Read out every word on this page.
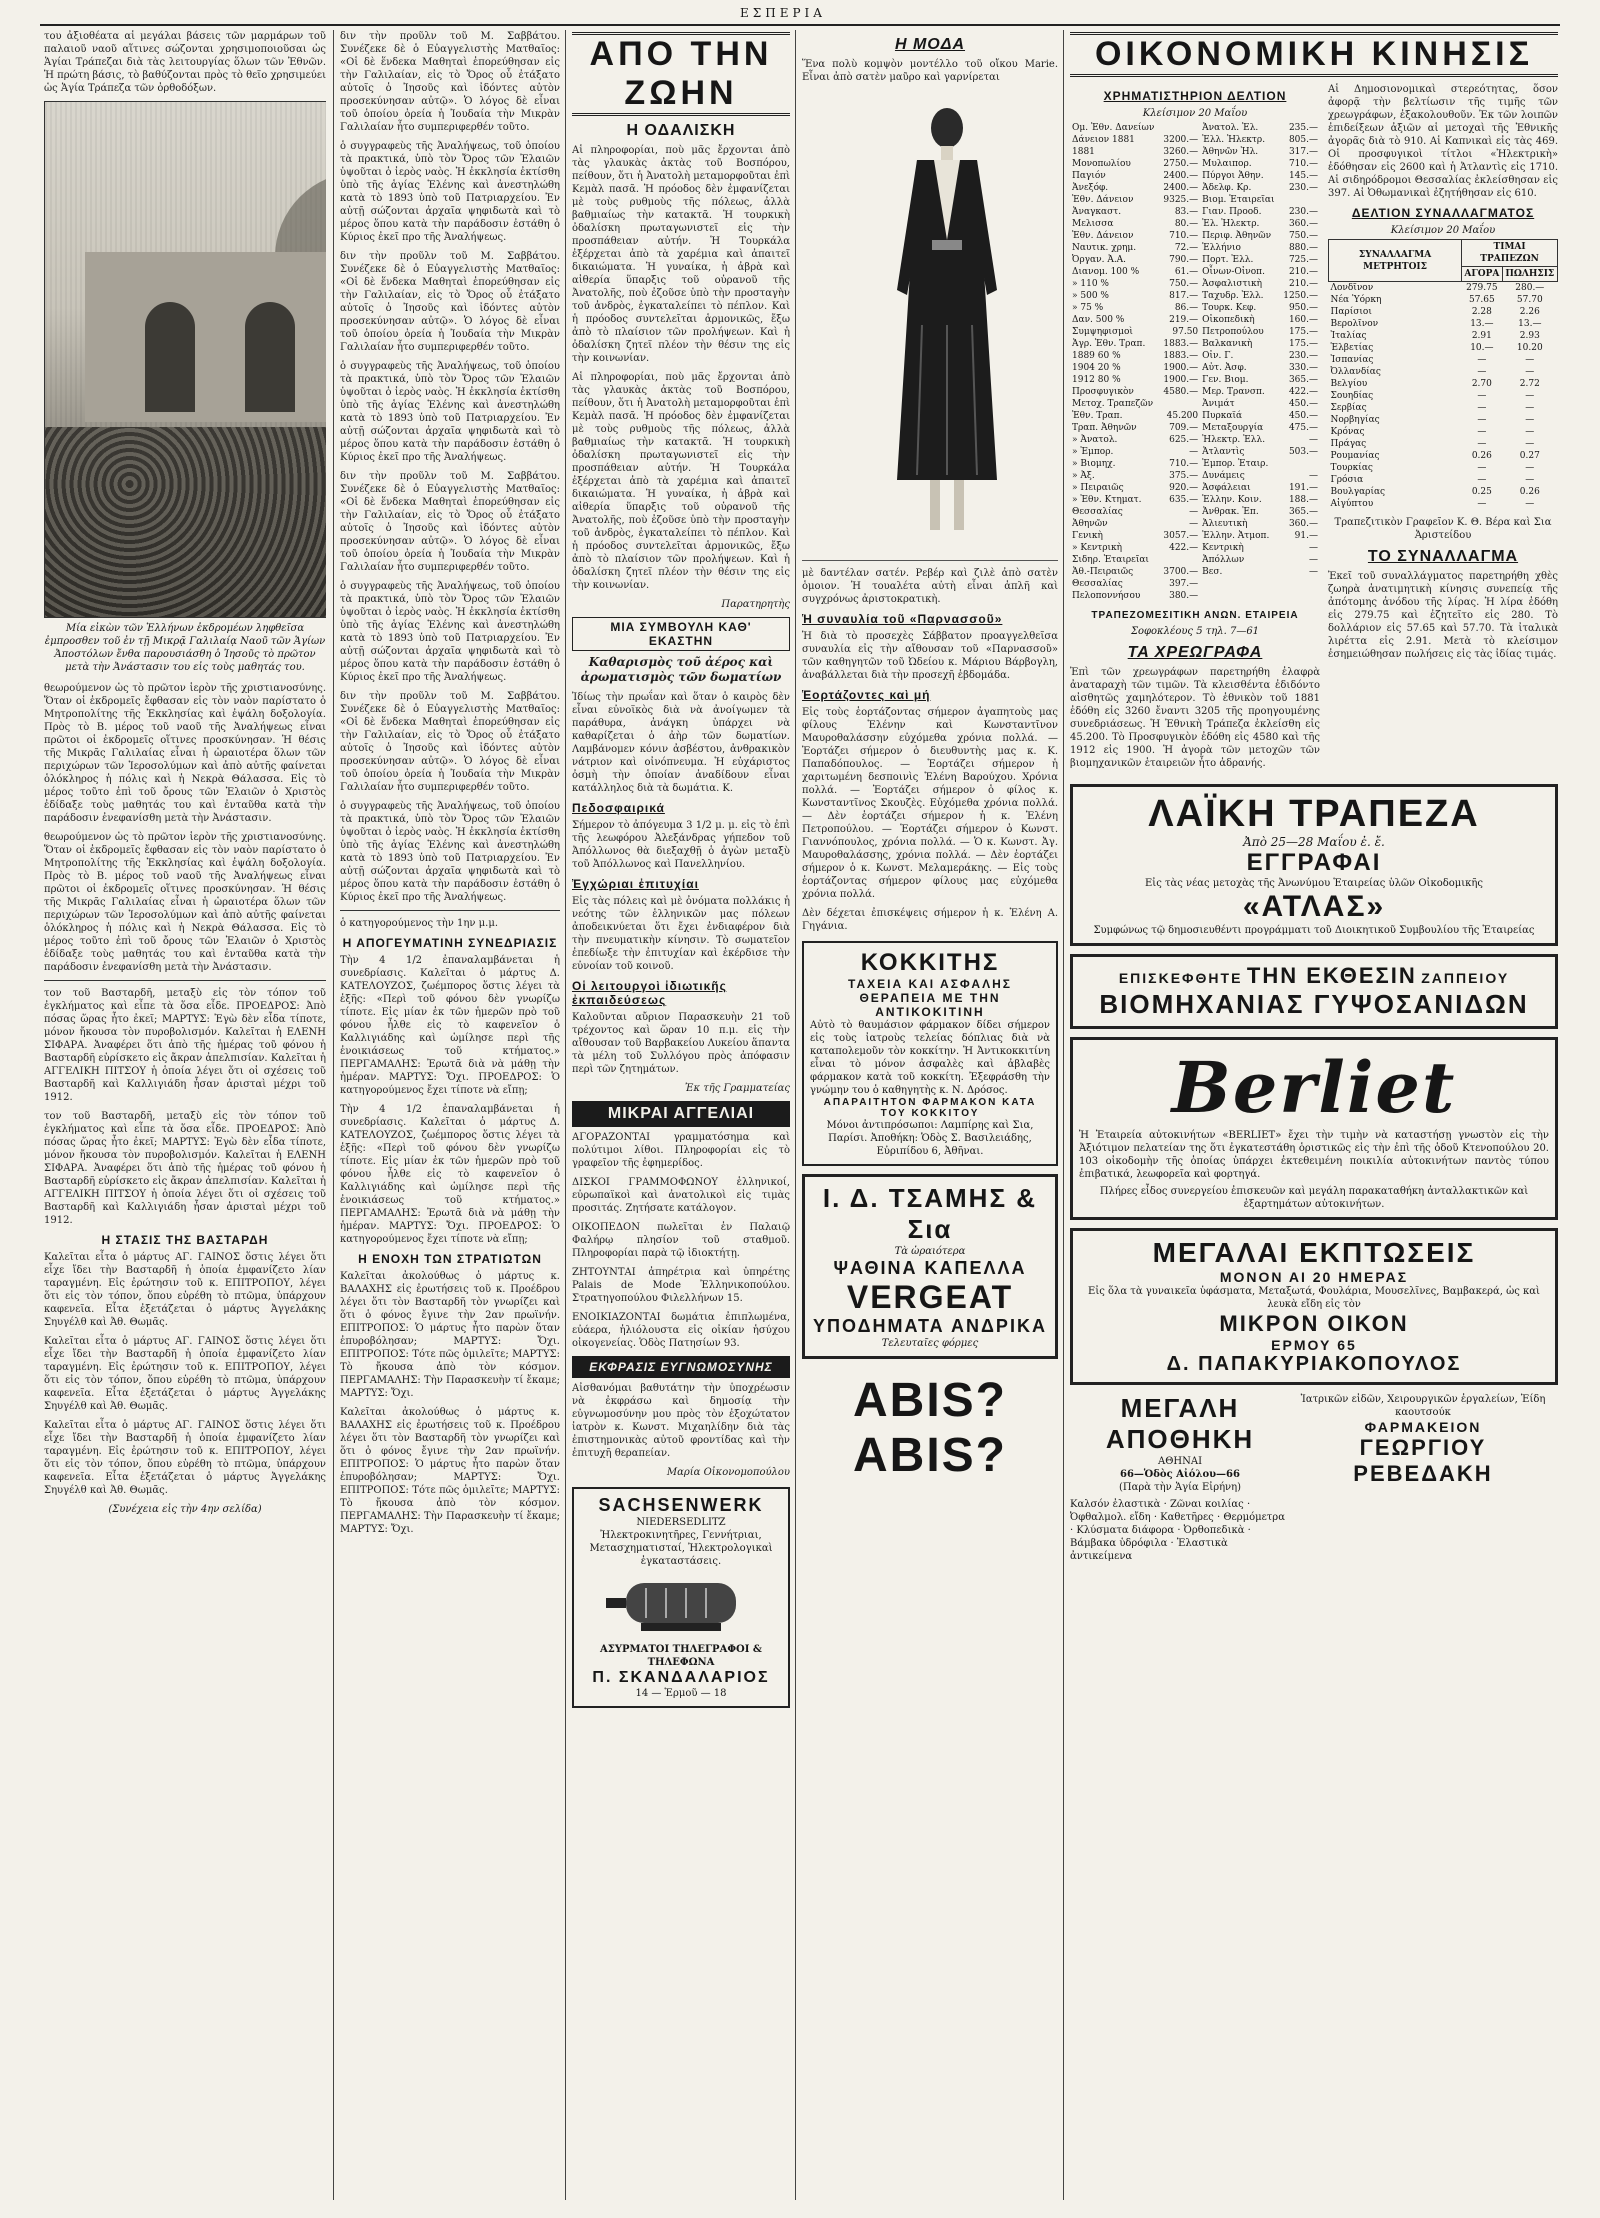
ΕΣΠΕΡΙΑ

του ἀξιοθέατα αἱ μεγάλαι βάσεις τῶν μαρμάρων τοῦ παλαιοῦ ναοῦ αἵτινες σώζονται χρησιμοποιοῦσαι ὡς Ἁγίαι Τράπεζαι διὰ τὰς λειτουργίας ὅλων τῶν Ἐθνῶν. Ἡ πρώτη βάσις, τὸ βαθύζονται πρὸς τὸ θεῖο χρησιμεύει ὡς Ἁγία Τράπεζα τῶν ὀρθοδόξων.

Μία εἰκὼν τῶν Ἑλλήνων ἐκδρομέων ληφθεῖσα ἐμπροσθεν τοῦ ἐν τῇ Μικρᾷ Γαλιλαίᾳ Ναοῦ τῶν Ἁγίων Ἀποστόλων ἔνθα παρουσιάσθη ὁ Ἰησοῦς τὸ πρῶτον μετὰ τὴν Ἀνάστασιν του εἰς τοὺς μαθητάς του.

θεωρούμενον ὡς τὸ πρῶτον ἱερὸν τῆς χριστιανοσύνης. Ὅταν οἱ ἐκδρομεῖς ἔφθασαν εἰς τὸν ναὸν παρίστατο ὁ Μητροπολίτης τῆς Ἐκκλησίας καὶ ἐψάλη δοξολογία. Πρὸς τὸ Β. μέρος τοῦ ναοῦ τῆς Ἀναλήψεως εἶναι πρῶτοι οἱ ἐκδρομεῖς οἵτινες προσκύνησαν. Ἡ θέσις τῆς Μικρᾶς Γαλιλαίας εἶναι ἡ ὡραιοτέρα ὅλων τῶν περιχώρων τῶν Ἱεροσολύμων καὶ ἀπὸ αὐτῆς φαίνεται ὁλόκληρος ἡ πόλις καὶ ἡ Νεκρὰ Θάλασσα. Εἰς τὸ μέρος τοῦτο ἐπὶ τοῦ ὄρους τῶν Ἐλαιῶν ὁ Χριστὸς ἐδίδαξε τοὺς μαθητάς του καὶ ἐνταῦθα κατὰ τὴν παράδοσιν ἐνεφανίσθη μετὰ τὴν Ἀνάστασιν.

θεωρούμενον ὡς τὸ πρῶτον ἱερὸν τῆς χριστιανοσύνης. Ὅταν οἱ ἐκδρομεῖς ἔφθασαν εἰς τὸν ναὸν παρίστατο ὁ Μητροπολίτης τῆς Ἐκκλησίας καὶ ἐψάλη δοξολογία. Πρὸς τὸ Β. μέρος τοῦ ναοῦ τῆς Ἀναλήψεως εἶναι πρῶτοι οἱ ἐκδρομεῖς οἵτινες προσκύνησαν. Ἡ θέσις τῆς Μικρᾶς Γαλιλαίας εἶναι ἡ ὡραιοτέρα ὅλων τῶν περιχώρων τῶν Ἱεροσολύμων καὶ ἀπὸ αὐτῆς φαίνεται ὁλόκληρος ἡ πόλις καὶ ἡ Νεκρὰ Θάλασσα. Εἰς τὸ μέρος τοῦτο ἐπὶ τοῦ ὄρους τῶν Ἐλαιῶν ὁ Χριστὸς ἐδίδαξε τοὺς μαθητάς του καὶ ἐνταῦθα κατὰ τὴν παράδοσιν ἐνεφανίσθη μετὰ τὴν Ἀνάστασιν.

τον τοῦ Βασταρδῆ, μεταξὺ εἰς τὸν τόπον τοῦ ἐγκλήματος καὶ εἶπε τὰ ὅσα εἶδε. ΠΡΟΕΔΡΟΣ: Ἀπὸ πόσας ὥρας ἦτο ἐκεῖ; ΜΑΡΤΥΣ: Ἐγὼ δὲν εἶδα τίποτε, μόνον ἤκουσα τὸν πυροβολισμόν. Καλεῖται ἡ ΕΛΕΝΗ ΣΙΦΑΡΑ. Ἀναφέρει ὅτι ἀπὸ τῆς ἡμέρας τοῦ φόνου ἡ Βασταρδῆ εὑρίσκετο εἰς ἄκραν ἀπελπισίαν. Καλεῖται ἡ ΑΓΓΕΛΙΚΗ ΠΙΤΣΟΥ ἡ ὁποία λέγει ὅτι οἱ σχέσεις τοῦ Βασταρδῆ καὶ Καλλιγιάδη ἦσαν ἀρισταὶ μέχρι τοῦ 1912.

τον τοῦ Βασταρδῆ, μεταξὺ εἰς τὸν τόπον τοῦ ἐγκλήματος καὶ εἶπε τὰ ὅσα εἶδε. ΠΡΟΕΔΡΟΣ: Ἀπὸ πόσας ὥρας ἦτο ἐκεῖ; ΜΑΡΤΥΣ: Ἐγὼ δὲν εἶδα τίποτε, μόνον ἤκουσα τὸν πυροβολισμόν. Καλεῖται ἡ ΕΛΕΝΗ ΣΙΦΑΡΑ. Ἀναφέρει ὅτι ἀπὸ τῆς ἡμέρας τοῦ φόνου ἡ Βασταρδῆ εὑρίσκετο εἰς ἄκραν ἀπελπισίαν. Καλεῖται ἡ ΑΓΓΕΛΙΚΗ ΠΙΤΣΟΥ ἡ ὁποία λέγει ὅτι οἱ σχέσεις τοῦ Βασταρδῆ καὶ Καλλιγιάδη ἦσαν ἀρισταὶ μέχρι τοῦ 1912.

Η ΣΤΑΣΙΣ ΤΗΣ ΒΑΣΤΑΡΔΗ

Καλεῖται εἶτα ὁ μάρτυς ΑΓ. ΓΑΙΝΟΣ ὅστις λέγει ὅτι εἶχε ἴδει τὴν Βασταρδῆ ἡ ὁποία ἐμφανίζετο λίαν ταραγμένη. Εἰς ἐρώτησιν τοῦ κ. ΕΠΙΤΡΟΠΟΥ, λέγει ὅτι εἰς τὸν τόπον, ὅπου εὑρέθη τὸ πτῶμα, ὑπάρχουν καφενεῖα. Εἶτα ἐξετάζεται ὁ μάρτυς Ἀγγελάκης Σηυγέλθ καὶ Ἀθ. Θωμᾶς.

Καλεῖται εἶτα ὁ μάρτυς ΑΓ. ΓΑΙΝΟΣ ὅστις λέγει ὅτι εἶχε ἴδει τὴν Βασταρδῆ ἡ ὁποία ἐμφανίζετο λίαν ταραγμένη. Εἰς ἐρώτησιν τοῦ κ. ΕΠΙΤΡΟΠΟΥ, λέγει ὅτι εἰς τὸν τόπον, ὅπου εὑρέθη τὸ πτῶμα, ὑπάρχουν καφενεῖα. Εἶτα ἐξετάζεται ὁ μάρτυς Ἀγγελάκης Σηυγέλθ καὶ Ἀθ. Θωμᾶς.

Καλεῖται εἶτα ὁ μάρτυς ΑΓ. ΓΑΙΝΟΣ ὅστις λέγει ὅτι εἶχε ἴδει τὴν Βασταρδῆ ἡ ὁποία ἐμφανίζετο λίαν ταραγμένη. Εἰς ἐρώτησιν τοῦ κ. ΕΠΙΤΡΟΠΟΥ, λέγει ὅτι εἰς τὸν τόπον, ὅπου εὑρέθη τὸ πτῶμα, ὑπάρχουν καφενεῖα. Εἶτα ἐξετάζεται ὁ μάρτυς Ἀγγελάκης Σηυγέλθ καὶ Ἀθ. Θωμᾶς.

(Συνέχεια εἰς τὴν 4ην σελίδα)

διν τὴν προῦλν τοῦ Μ. Σαββάτου. Συνέζεκε δὲ ὁ Εὐαγγελιστὴς Ματθαῖος: «Οἱ δὲ ἕνδεκα Μαθηταὶ ἐπορεύθησαν εἰς τὴν Γαλιλαίαν, εἰς τὸ Ὄρος οὗ ἐτάξατο αὐτοῖς ὁ Ἰησοῦς καὶ ἰδόντες αὐτὸν προσεκύνησαν αὐτῷ». Ὁ λόγος δὲ εἶναι τοῦ ὁποίου ὀρεία ἡ Ἰουδαία τὴν Μικρὰν Γαλιλαίαν ἦτο συμπεριφερθέν τοῦτο.

ὁ συγγραφεὺς τῆς Ἀναλήψεως, τοῦ ὁποίου τὰ πρακτικά, ὑπὸ τὸν Ὄρος τῶν Ἐλαιῶν ὑψοῦται ὁ ἱερὸς ναὸς. Ἡ ἐκκλησία ἐκτίσθη ὑπὸ τῆς ἁγίας Ἑλένης καὶ ἀνεστηλώθη κατὰ τὸ 1893 ὑπὸ τοῦ Πατριαρχείου. Ἐν αὐτῇ σώζονται ἀρχαῖα ψηφιδωτὰ καὶ τὸ μέρος ὅπου κατὰ τὴν παράδοσιν ἐστάθη ὁ Κύριος ἐκεῖ προ τῆς Ἀναλήψεως.

διν τὴν προῦλν τοῦ Μ. Σαββάτου. Συνέζεκε δὲ ὁ Εὐαγγελιστὴς Ματθαῖος: «Οἱ δὲ ἕνδεκα Μαθηταὶ ἐπορεύθησαν εἰς τὴν Γαλιλαίαν, εἰς τὸ Ὄρος οὗ ἐτάξατο αὐτοῖς ὁ Ἰησοῦς καὶ ἰδόντες αὐτὸν προσεκύνησαν αὐτῷ». Ὁ λόγος δὲ εἶναι τοῦ ὁποίου ὀρεία ἡ Ἰουδαία τὴν Μικρὰν Γαλιλαίαν ἦτο συμπεριφερθέν τοῦτο.

ὁ συγγραφεὺς τῆς Ἀναλήψεως, τοῦ ὁποίου τὰ πρακτικά, ὑπὸ τὸν Ὄρος τῶν Ἐλαιῶν ὑψοῦται ὁ ἱερὸς ναὸς. Ἡ ἐκκλησία ἐκτίσθη ὑπὸ τῆς ἁγίας Ἑλένης καὶ ἀνεστηλώθη κατὰ τὸ 1893 ὑπὸ τοῦ Πατριαρχείου. Ἐν αὐτῇ σώζονται ἀρχαῖα ψηφιδωτὰ καὶ τὸ μέρος ὅπου κατὰ τὴν παράδοσιν ἐστάθη ὁ Κύριος ἐκεῖ προ τῆς Ἀναλήψεως.

διν τὴν προῦλν τοῦ Μ. Σαββάτου. Συνέζεκε δὲ ὁ Εὐαγγελιστὴς Ματθαῖος: «Οἱ δὲ ἕνδεκα Μαθηταὶ ἐπορεύθησαν εἰς τὴν Γαλιλαίαν, εἰς τὸ Ὄρος οὗ ἐτάξατο αὐτοῖς ὁ Ἰησοῦς καὶ ἰδόντες αὐτὸν προσεκύνησαν αὐτῷ». Ὁ λόγος δὲ εἶναι τοῦ ὁποίου ὀρεία ἡ Ἰουδαία τὴν Μικρὰν Γαλιλαίαν ἦτο συμπεριφερθέν τοῦτο.

ὁ συγγραφεὺς τῆς Ἀναλήψεως, τοῦ ὁποίου τὰ πρακτικά, ὑπὸ τὸν Ὄρος τῶν Ἐλαιῶν ὑψοῦται ὁ ἱερὸς ναὸς. Ἡ ἐκκλησία ἐκτίσθη ὑπὸ τῆς ἁγίας Ἑλένης καὶ ἀνεστηλώθη κατὰ τὸ 1893 ὑπὸ τοῦ Πατριαρχείου. Ἐν αὐτῇ σώζονται ἀρχαῖα ψηφιδωτὰ καὶ τὸ μέρος ὅπου κατὰ τὴν παράδοσιν ἐστάθη ὁ Κύριος ἐκεῖ προ τῆς Ἀναλήψεως.

διν τὴν προῦλν τοῦ Μ. Σαββάτου. Συνέζεκε δὲ ὁ Εὐαγγελιστὴς Ματθαῖος: «Οἱ δὲ ἕνδεκα Μαθηταὶ ἐπορεύθησαν εἰς τὴν Γαλιλαίαν, εἰς τὸ Ὄρος οὗ ἐτάξατο αὐτοῖς ὁ Ἰησοῦς καὶ ἰδόντες αὐτὸν προσεκύνησαν αὐτῷ». Ὁ λόγος δὲ εἶναι τοῦ ὁποίου ὀρεία ἡ Ἰουδαία τὴν Μικρὰν Γαλιλαίαν ἦτο συμπεριφερθέν τοῦτο.

ὁ συγγραφεὺς τῆς Ἀναλήψεως, τοῦ ὁποίου τὰ πρακτικά, ὑπὸ τὸν Ὄρος τῶν Ἐλαιῶν ὑψοῦται ὁ ἱερὸς ναὸς. Ἡ ἐκκλησία ἐκτίσθη ὑπὸ τῆς ἁγίας Ἑλένης καὶ ἀνεστηλώθη κατὰ τὸ 1893 ὑπὸ τοῦ Πατριαρχείου. Ἐν αὐτῇ σώζονται ἀρχαῖα ψηφιδωτὰ καὶ τὸ μέρος ὅπου κατὰ τὴν παράδοσιν ἐστάθη ὁ Κύριος ἐκεῖ προ τῆς Ἀναλήψεως.

ὁ κατηγορούμενος τὴν 1ην μ.μ.

Η ΑΠΟΓΕΥΜΑΤΙΝΗ ΣΥΝΕΔΡΙΑΣΙΣ

Τὴν 4 1/2 ἐπαναλαμβάνεται ἡ συνεδρίασις. Καλεῖται ὁ μάρτυς Δ. ΚΑΤΕΛΟΥΖΟΣ, ζωέμπορος ὅστις λέγει τὰ ἑξῆς: «Περὶ τοῦ φόνου δὲν γνωρίζω τίποτε. Εἰς μίαν ἐκ τῶν ἡμερῶν πρὸ τοῦ φόνου ἦλθε εἰς τὸ καφενεῖον ὁ Καλλιγιάδης καὶ ὡμίλησε περὶ τῆς ἐνοικιάσεως τοῦ κτήματος.» ΠΕΡΓΑΜΑΛΗΣ: Ἐρωτᾶ διὰ νὰ μάθῃ τὴν ἡμέραν. ΜΑΡΤΥΣ: Ὄχι. ΠΡΟΕΔΡΟΣ: Ὁ κατηγορούμενος ἔχει τίποτε νὰ εἴπῃ;

Τὴν 4 1/2 ἐπαναλαμβάνεται ἡ συνεδρίασις. Καλεῖται ὁ μάρτυς Δ. ΚΑΤΕΛΟΥΖΟΣ, ζωέμπορος ὅστις λέγει τὰ ἑξῆς: «Περὶ τοῦ φόνου δὲν γνωρίζω τίποτε. Εἰς μίαν ἐκ τῶν ἡμερῶν πρὸ τοῦ φόνου ἦλθε εἰς τὸ καφενεῖον ὁ Καλλιγιάδης καὶ ὡμίλησε περὶ τῆς ἐνοικιάσεως τοῦ κτήματος.» ΠΕΡΓΑΜΑΛΗΣ: Ἐρωτᾶ διὰ νὰ μάθῃ τὴν ἡμέραν. ΜΑΡΤΥΣ: Ὄχι. ΠΡΟΕΔΡΟΣ: Ὁ κατηγορούμενος ἔχει τίποτε νὰ εἴπῃ;

Η ΕΝΟΧΗ ΤΩΝ ΣΤΡΑΤΙΩΤΩΝ

Καλεῖται ἀκολούθως ὁ μάρτυς κ. ΒΑΛΑΧΗΣ εἰς ἐρωτήσεις τοῦ κ. Προέδρου λέγει ὅτι τὸν Βασταρδῆ τὸν γνωρίζει καὶ ὅτι ὁ φόνος ἔγινε τὴν 2αν πρωϊνήν. ΕΠΙΤΡΟΠΟΣ: Ὁ μάρτυς ἦτο παρὼν ὅταν ἐπυροβόλησαν; ΜΑΡΤΥΣ: Ὄχι. ΕΠΙΤΡΟΠΟΣ: Τότε πῶς ὁμιλεῖτε; ΜΑΡΤΥΣ: Τὸ ἤκουσα ἀπὸ τὸν κόσμον. ΠΕΡΓΑΜΑΛΗΣ: Τὴν Παρασκευὴν τί ἔκαμε; ΜΑΡΤΥΣ: Ὄχι.

Καλεῖται ἀκολούθως ὁ μάρτυς κ. ΒΑΛΑΧΗΣ εἰς ἐρωτήσεις τοῦ κ. Προέδρου λέγει ὅτι τὸν Βασταρδῆ τὸν γνωρίζει καὶ ὅτι ὁ φόνος ἔγινε τὴν 2αν πρωϊνήν. ΕΠΙΤΡΟΠΟΣ: Ὁ μάρτυς ἦτο παρὼν ὅταν ἐπυροβόλησαν; ΜΑΡΤΥΣ: Ὄχι. ΕΠΙΤΡΟΠΟΣ: Τότε πῶς ὁμιλεῖτε; ΜΑΡΤΥΣ: Τὸ ἤκουσα ἀπὸ τὸν κόσμον. ΠΕΡΓΑΜΑΛΗΣ: Τὴν Παρασκευὴν τί ἔκαμε; ΜΑΡΤΥΣ: Ὄχι.

ΑΠΟ ΤΗΝ ΖΩΗΝ
Η ΟΔΑΛΙΣΚΗ

Αἱ πληροφορίαι, ποὺ μᾶς ἔρχονται ἀπὸ τὰς γλαυκὰς ἀκτὰς τοῦ Βοσπόρου, πείθουν, ὅτι ἡ Ἀνατολὴ μεταμορφοῦται ἐπὶ Κεμὰλ πασᾶ. Ἡ πρόοδος δὲν ἐμφανίζεται μὲ τοὺς ρυθμοὺς τῆς πόλεως, ἀλλὰ βαθμιαίως τὴν κατακτᾶ. Ἡ τουρκικὴ ὀδαλίσκη πρωταγωνιστεῖ εἰς τὴν προσπάθειαν αὐτήν. Ἡ Τουρκάλα ἐξέρχεται ἀπὸ τὰ χαρέμια καὶ ἀπαιτεῖ δικαιώματα. Ἡ γυναίκα, ἡ ἀβρὰ καὶ αἰθερία ὕπαρξις τοῦ οὐρανοῦ τῆς Ἀνατολῆς, ποὺ ἐζοῦσε ὑπὸ τὴν προσταγὴν τοῦ ἀνδρὸς, ἐγκαταλείπει τὸ πέπλον. Καὶ ἡ πρόοδος συντελεῖται ἁρμονικῶς, ἔξω ἀπὸ τὸ πλαίσιον τῶν προλήψεων. Καὶ ἡ ὀδαλίσκη ζητεῖ πλέον τὴν θέσιν της εἰς τὴν κοινωνίαν.

Αἱ πληροφορίαι, ποὺ μᾶς ἔρχονται ἀπὸ τὰς γλαυκὰς ἀκτὰς τοῦ Βοσπόρου, πείθουν, ὅτι ἡ Ἀνατολὴ μεταμορφοῦται ἐπὶ Κεμὰλ πασᾶ. Ἡ πρόοδος δὲν ἐμφανίζεται μὲ τοὺς ρυθμοὺς τῆς πόλεως, ἀλλὰ βαθμιαίως τὴν κατακτᾶ. Ἡ τουρκικὴ ὀδαλίσκη πρωταγωνιστεῖ εἰς τὴν προσπάθειαν αὐτήν. Ἡ Τουρκάλα ἐξέρχεται ἀπὸ τὰ χαρέμια καὶ ἀπαιτεῖ δικαιώματα. Ἡ γυναίκα, ἡ ἀβρὰ καὶ αἰθερία ὕπαρξις τοῦ οὐρανοῦ τῆς Ἀνατολῆς, ποὺ ἐζοῦσε ὑπὸ τὴν προσταγὴν τοῦ ἀνδρὸς, ἐγκαταλείπει τὸ πέπλον. Καὶ ἡ πρόοδος συντελεῖται ἁρμονικῶς, ἔξω ἀπὸ τὸ πλαίσιον τῶν προλήψεων. Καὶ ἡ ὀδαλίσκη ζητεῖ πλέον τὴν θέσιν της εἰς τὴν κοινωνίαν.

Παρατηρητὴς

ΜΙΑ ΣΥΜΒΟΥΛΗ ΚΑΘ' ΕΚΑΣΤΗΝ

Καθαρισμὸς τοῦ ἀέρος καὶ ἀρωματισμὸς τῶν δωματίων

Ἰδίως τὴν πρωΐαν καὶ ὅταν ὁ καιρὸς δὲν εἶναι εὐνοϊκὸς διὰ νὰ ἀνοίγωμεν τὰ παράθυρα, ἀνάγκη ὑπάρχει νὰ καθαρίζεται ὁ ἀὴρ τῶν δωματίων. Λαμβάνομεν κόνιν ἀσβέστου, ἀνθρακικὸν νάτριον καὶ οἰνόπνευμα. Ἡ εὐχάριστος ὀσμὴ τὴν ὁποίαν ἀναδίδουν εἶναι κατάλληλος διὰ τὰ δωμάτια. Κ.

Πεδοσφαιρικά

Σήμερον τὸ ἀπόγευμα 3 1/2 μ. μ. εἰς τὸ ἐπὶ τῆς λεωφόρου Ἀλεξάνδρας γήπεδον τοῦ Ἀπόλλωνος θὰ διεξαχθῇ ὁ ἀγὼν μεταξὺ τοῦ Ἀπόλλωνος καὶ Πανελληνίου.

Ἐγχώριαι ἐπιτυχίαι

Εἰς τὰς πόλεις καὶ μὲ ὀνόματα πολλάκις ἡ νεότης τῶν ἑλληνικῶν μας πόλεων ἀποδεικνύεται ὅτι ἔχει ἐνδιαφέρον διὰ τὴν πνευματικὴν κίνησιν. Τὸ σωματεῖον ἐπεδίωξε τὴν ἐπιτυχίαν καὶ ἐκέρδισε τὴν εὐνοίαν τοῦ κοινοῦ.

Οἱ λειτουργοὶ ἰδιωτικῆς ἐκπαιδεύσεως

Καλοῦνται αὔριον Παρασκευὴν 21 τοῦ τρέχοντος καὶ ὥραν 10 π.μ. εἰς τὴν αἴθουσαν τοῦ Βαρβακείου Λυκείου ἅπαντα τὰ μέλη τοῦ Συλλόγου πρὸς ἀπόφασιν περὶ τῶν ζητημάτων.

Ἐκ τῆς Γραμματείας

ΜΙΚΡΑΙ ΑΓΓΕΛΙΑΙ

ΑΓΟΡΑΖΟΝΤΑΙ γραμματόσημα καὶ πολύτιμοι λίθοι. Πληροφορίαι εἰς τὸ γραφεῖον τῆς ἐφημερίδος.

ΔΙΣΚΟΙ ΓΡΑΜΜΟΦΩΝΟΥ ἑλληνικοί, εὐρωπαϊκοὶ καὶ ἀνατολικοὶ εἰς τιμὰς προσιτάς. Ζητήσατε κατάλογον.

ΟΙΚΟΠΕΔΟΝ πωλεῖται ἐν Παλαιῷ Φαλήρῳ πλησίον τοῦ σταθμοῦ. Πληροφορίαι παρὰ τῷ ἰδιοκτήτῃ.

ΖΗΤΟΥΝΤΑΙ ἀπηρέτρια καὶ ὑπηρέτης Palais de Mode Ἐλληνικοπούλου. Στρατηγοπούλου Φιλελλήνων 15.

ΕΝΟΙΚΙΑΖΟΝΤΑΙ δωμάτια ἐπιπλωμένα, εὐάερα, ἡλιόλουστα εἰς οἰκίαν ἡσύχου οἰκογενείας. Ὁδὸς Πατησίων 93.

ΕΚΦΡΑΣΙΣ ΕΥΓΝΩΜΟΣΥΝΗΣ

Αἰσθανόμαι βαθυτάτην τὴν ὑποχρέωσιν νὰ ἐκφράσω καὶ δημοσίᾳ τὴν εὐγνωμοσύνην μου πρὸς τὸν ἐξοχώτατον ἰατρὸν κ. Κωνστ. Μιχαηλίδην διὰ τὰς ἐπιστημονικὰς αὐτοῦ φροντίδας καὶ τὴν ἐπιτυχῆ θεραπείαν.

Μαρία Οἰκονομοπούλου

SACHSENWERK
NIEDERSEDLITZ
Ἠλεκτροκινητῆρες, Γεννήτριαι, Μετασχηματισταί, Ἠλεκτρολογικαὶ ἐγκαταστάσεις.
ΑΣΥΡΜΑΤΟΙ ΤΗΛΕΓΡΑΦΟΙ & ΤΗΛΕΦΩΝΑ
Π. ΣΚΑΝΔΑΛΑΡΙΟΣ
14 — Ἑρμοῦ — 18
Η ΜΟΔΑ

Ἕνα πολὺ κομψὸν μοντέλλο τοῦ οἴκου Marie. Εἶναι ἀπὸ σατὲν μαῦρο καὶ γαρνίρεται

μὲ δαντέλαν σατέν. Ρεβέρ καὶ ζιλὲ ἀπὸ σατὲν ὁμοιον. Ἡ τουαλέτα αὐτὴ εἶναι ἁπλῆ καὶ συγχρόνως ἀριστοκρατικὴ.

Ἡ συναυλία τοῦ «Παρνασσοῦ»

Ἡ διὰ τὸ προσεχὲς Σάββατον προαγγελθεῖσα συναυλία εἰς τὴν αἴθουσαν τοῦ «Παρνασσοῦ» τῶν καθηγητῶν τοῦ Ὠδείου κ. Μάριου Βάρβογλη, ἀναβάλλεται διὰ τὴν προσεχῆ ἑβδομάδα.

Ἑορτάζοντες καὶ μή

Εἰς τοὺς ἑορτάζοντας σήμερον ἀγαπητοὺς μας φίλους Ἑλένην καὶ Κωνσταντῖνον Μαυροθαλάσσην εὐχόμεθα χρόνια πολλά. — Ἑορτάζει σήμερον ὁ διευθυντὴς μας κ. Κ. Παπαδόπουλος. — Ἑορτάζει σήμερον ἡ χαριτωμένη δεσποινὶς Ἑλένη Βαρούχου. Χρόνια πολλά. — Ἑορτάζει σήμερον ὁ φίλος κ. Κωνσταντῖνος Σκουζὲς. Εὐχόμεθα χρόνια πολλά. — Δὲν ἑορτάζει σήμερον ἡ κ. Ἑλένη Πετροπούλου. — Ἑορτάζει σήμερον ὁ Κωνστ. Γιαννόπουλος, χρόνια πολλά. — Ὁ κ. Κωνστ. Ἀγ. Μαυροθαλάσσης, χρόνια πολλά. — Δὲν ἑορτάζει σήμερον ὁ κ. Κωνστ. Μελαμεράκης. — Εἰς τοὺς ἑορτάζοντας σήμερον φίλους μας εὐχόμεθα χρόνια πολλά.

Δὲν δέχεται ἐπισκέψεις σήμερον ἡ κ. Ἑλένη Α. Γηγάνια.

ΚΟΚΚΙΤΗΣ
ΤΑΧΕΙΑ ΚΑΙ ΑΣΦΑΛΗΣ ΘΕΡΑΠΕΙΑ ΜΕ ΤΗΝ ΑΝΤΙΚΟΚΙΤΙΝΗ
Αὐτὸ τὸ θαυμάσιον φάρμακον δίδει σήμερον εἰς τοὺς ἰατροὺς τελείας δόπλιας διὰ νὰ καταπολεμοῦν τὸν κοκκίτην. Ἡ Ἀντικοκκιτίνη εἶναι τὸ μόνον ἀσφαλὲς καὶ ἀβλαβὲς φάρμακον κατὰ τοῦ κοκκίτη. Ἐξεφράσθη τὴν γνώμην του ὁ καθηγητὴς κ. Ν. Δρόσος.
ΑΠΑΡΑΙΤΗΤΟΝ ΦΑΡΜΑΚΟΝ ΚΑΤΑ ΤΟΥ ΚΟΚΚΙΤΟΥ
Μόνοι ἀντιπρόσωποι: Λαμπίρης καὶ Σια, Παρίσι. Ἀποθήκη: Ὁδὸς Σ. Βασιλειάδης, Εὐριπίδου 6, Ἀθῆναι.
Ι. Δ. ΤΣΑΜΗΣ & Σια
Τὰ ὡραιότερα
ΨΑΘΙΝΑ ΚΑΠΕΛΛΑ
VERGEAT
ΥΠΟΔΗΜΑΤΑ ΑΝΔΡΙΚΑ
Τελευταῖες φόρμες
ABIS?
ABIS?
ΟΙΚΟΝΟΜΙΚΗ ΚΙΝΗΣΙΣ
ΧΡΗΜΑΤΙΣΤΗΡΙΟΝ ΔΕΛΤΙΟΝ
Κλείσιμον 20 Μαΐου
Ομ. Ἐθν. Δανείων		Ἀνατολ. Ἐλ.	235.—
Δάνειον 1881	3200.—	Ἐλλ. Ἠλεκτρ.	805.—
1881	3260.—	Ἀθηνῶν Ἠλ.	317.—
Μονοπωλίου	2750.—	Μυλαιπορ.	710.—
Παγιόν	2400.—	Πύργοι Ἀθην.	145.—
Ἀνεξόφ.	2400.—	Ἀδελφ. Κρ.	230.—
Ἐθν. Δάνειον	9325.—	Βιομ. Ἑταιρεῖαι	
Ἀναγκαστ.	83.—	Γιαν. Προοδ.	230.—
Μελισσα	80.—	Ἐλ. Ἠλεκτρ.	360.—
Ἐθν. Δάνειον	710.—	Περιφ. Ἀθηνῶν	750.—
Ναυτικ. χρημ.	72.—	Ἑλλήνιο	880.—
Ὀργαν. Ἀ.Α.	790.—	Πορτ. Ἐλλ.	725.—
Διανομ. 100 %	61.—	Οἶνων-Οἰνοπ.	210.—
» 110 %	750.—	Ἀσφαλιστικὴ	210.—
» 500 %	817.—	Ταχυδρ. Ἐλλ.	1250.—
» 75 %	86.—	Τουρκ. Κεφ.	950.—
Δαν. 500 %	219.—	Οἰκοπεδικὴ	160.—
Συμψηφισμοὶ	97.50	Πετροπούλου	175.—
Ἀγρ. Ἐθν. Τραπ.	1883.—	Βαλκανικὴ	175.—
1889 60 %	1883.—	Οἰν. Γ.	230.—
1904 20 %	1900.—	Αὐτ. Ἀσφ.	330.—
1912 80 %	1900.—	Γεν. Βιομ.	365.—
Προσφυγικὸν	4580.—	Μερ. Τρανσπ.	422.—
Μετοχ. Τραπεζῶν		Ἀνιμάτ	450.—
Ἐθν. Τραπ.	45.200	Πυρκαϊά	450.—
Τραπ. Ἀθηνῶν	709.—	Μεταξουργία	475.—
» Ἀνατολ.	625.—	Ἠλεκτρ. Ἐλλ.	—
» Ἐμπορ.	—	Ἀτλαντὶς	503.—
» Βιομηχ.	710.—	Ἐμπορ. Ἑταιρ.	
» Ἀξ.	375.—	Δυνάμεις	—
» Πειραιῶς	920.—	Ἀσφάλειαι	191.—
» Ἐθν. Κτηματ.	635.—	Ἑλλην. Κοιν.	188.—
Θεσσαλίας	—	Ἀνθρακ. Ἐπ.	365.—
Ἀθηνῶν	—	Ἀλιευτικὴ	360.—
Γενικὴ	3057.—	Ἐλλην. Ἀτμοπ.	91.—
» Κεντρικὴ	422.—	Κεντρικὴ	—
Σιδηρ. Ἑταιρεῖαι		Ἀπόλλων	—
Ἀθ.-Πειραιῶς	3700.—	Βεσ.	—
Θεσσαλίας	397.—		
Πελοποννήσου	380.—		
ΤΡΑΠΕΖΟΜΕΣΙΤΙΚΗ ΑΝΩΝ. ΕΤΑΙΡΕΙΑ
Σοφοκλέους 5 τηλ. 7—61
ΤΑ ΧΡΕΩΓΡΑΦΑ

Ἐπὶ τῶν χρεωγράφων παρετηρήθη ἐλαφρὰ ἀναταραχὴ τῶν τιμῶν. Τὰ κλεισθέντα ἐδιδόντο αἰσθητῶς χαμηλότερον. Τὸ ἐθνικὸν τοῦ 1881 ἐδόθη εἰς 3260 ἔναντι 3205 τῆς προηγουμένης συνεδριάσεως. Ἡ Ἐθνικὴ Τράπεζα ἐκλείσθη εἰς 45.200. Τὸ Προσφυγικὸν ἐδόθη εἰς 4580 καὶ τῆς 1912 εἰς 1900. Ἡ ἀγορὰ τῶν μετοχῶν τῶν βιομηχανικῶν ἑταιρειῶν ἦτο ἀδρανής.

Αἱ Δημοσιονομικαὶ στερεότητας, ὅσον ἀφορᾷ τὴν βελτίωσιν τῆς τιμῆς τῶν χρεωγράφων, ἐξακολουθοῦν. Ἐκ τῶν λοιπῶν ἐπιδείξεων ἀξιῶν αἱ μετοχαὶ τῆς Ἐθνικῆς ἀγορᾶς διὰ τὸ 910. Αἱ Καπνικαὶ εἰς τὰς 469. Οἱ προσφυγικοὶ τίτλοι «Ἠλεκτρικὴ» ἐδόθησαν εἰς 2600 καὶ ἡ Ἀτλαντὶς εἰς 1710. Αἱ σιδηρόδρομοι Θεσσαλίας ἐκλείσθησαν εἰς 397. Αἱ Ὀθωμανικαὶ ἐζητήθησαν εἰς 610.

ΔΕΛΤΙΟΝ ΣΥΝΑΛΛΑΓΜΑΤΟΣ
Κλείσιμον 20 Μαΐου
ΣΥΝΑΛΛΑΓΜΑ ΜΕΤΡΗΤΟΙΣ	ΤΙΜΑΙ ΤΡΑΠΕΖΩΝ	
	ΑΓΟΡΑ	ΠΩΛΗΣΙΣ
Λονδῖνον	279.75	280.—
Νέα Ὑόρκη	57.65	57.70
Παρίσιοι	2.28	2.26
Βερολῖνον	13.—	13.—
Ἰταλίας	2.91	2.93
Ἑλβετίας	10.—	10.20
Ἰσπανίας	—	—
Ὀλλανδίας	—	—
Βελγίου	2.70	2.72
Σουηδίας	—	—
Σερβίας	—	—
Νορβηγίας	—	—
Κρόνας	—	—
Πράγας	—	—
Ρουμανίας	0.26	0.27
Τουρκίας	—	—
Γρόσια	—	—
Βουλγαρίας	0.25	0.26
Αἰγύπτου	—	—

Τραπεζιτικὸν Γραφεῖον Κ. Θ. Βέρα καὶ Σια Ἀριστείδου

ΤΟ ΣΥΝΑΛΛΑΓΜΑ

Ἐκεῖ τοῦ συναλλάγματος παρετηρήθη χθὲς ζωηρὰ ἀνατιμητικὴ κίνησις συνεπείᾳ τῆς ἀπότομης ἀνόδου τῆς λίρας. Ἡ λίρα ἐδόθη εἰς 279.75 καὶ ἐζητεῖτο εἰς 280. Τὸ δολλάριον εἰς 57.65 καὶ 57.70. Τὰ ἰταλικὰ λιρέττα εἰς 2.91. Μετὰ τὸ κλείσιμον ἐσημειώθησαν πωλήσεις εἰς τὰς ἰδίας τιμάς.

ΛΑΪΚΗ ΤΡΑΠΕΖΑ
Ἀπὸ 25—28 Μαΐου ἐ. ἔ.
ΕΓΓΡΑΦΑΙ
Εἰς τὰς νέας μετοχὰς τῆς Ἀνωνύμου Ἑταιρείας ὑλῶν Οἰκοδομικῆς
«ΑΤΛΑΣ»
Συμφώνως τῷ δημοσιευθέντι προγράμματι τοῦ Διοικητικοῦ Συμβουλίου τῆς Ἑταιρείας
ΕΠΙΣΚΕΦΘΗΤΕ ΤΗΝ ΕΚΘΕΣΙΝ ΖΑΠΠΕΙΟΥ
ΒΙΟΜΗΧΑΝΙΑΣ ΓΥΨΟΣΑΝΙΔΩΝ
Berliet
Ἡ Ἑταιρεία αὐτοκινήτων «BERLIET» ἔχει τὴν τιμὴν νὰ καταστήσῃ γνωστὸν εἰς τὴν Ἀξιότιμον πελατείαν της ὅτι ἐγκατεστάθη ὁριστικῶς εἰς τὴν ἐπὶ τῆς ὁδοῦ Κτενοπούλου 20. 103 οἰκοδομὴν τῆς ὁποίας ὑπάρχει ἐκτεθειμένη ποικιλία αὐτοκινήτων παντὸς τύπου ἐπιβατικά, λεωφορεῖα καὶ φορτηγά.
Πλήρες εἶδος συνεργείου ἐπισκευῶν καὶ μεγάλη παρακαταθήκη ἀνταλλακτικῶν καὶ ἐξαρτημάτων αὐτοκινήτων.
ΜΕΓΑΛΑΙ ΕΚΠΤΩΣΕΙΣ
ΜΟΝΟΝ ΑΙ 20 ΗΜΕΡΑΣ
Εἰς ὅλα τὰ γυναικεῖα ὑφάσματα, Μεταξωτά, Φουλάρια, Μουσελῖνες, Βαμβακερά, ὡς καὶ λευκὰ εἴδη εἰς τὸν
ΜΙΚΡΟΝ ΟΙΚΟΝ
ΕΡΜΟΥ 65
Δ. ΠΑΠΑΚΥΡΙΑΚΟΠΟΥΛΟΣ
ΜΕΓΑΛΗ ΑΠΟΘΗΚΗ
ΑΘΗΝΑΙ
66—Ὁδὸς Αἰόλου—66
(Παρὰ τὴν Ἁγία Εἰρήνη)
Καλσόν ἐλαστικὰ · Ζῶναι κοιλίας · Ὀφθαλμολ. εἴδη · Καθετῆρες · Θερμόμετρα · Κλύσματα διάφορα · Ὀρθοπεδικὰ · Βάμβακα ὑδρόφιλα · Ἐλαστικὰ ἀντικείμενα
Ἰατρικῶν εἰδῶν, Χειρουργικῶν ἐργαλείων, Ἐίδη καουτσούκ
ΦΑΡΜΑΚΕΙΟΝ
ΓΕΩΡΓΙΟΥ ΡΕΒΕΔΑΚΗ
